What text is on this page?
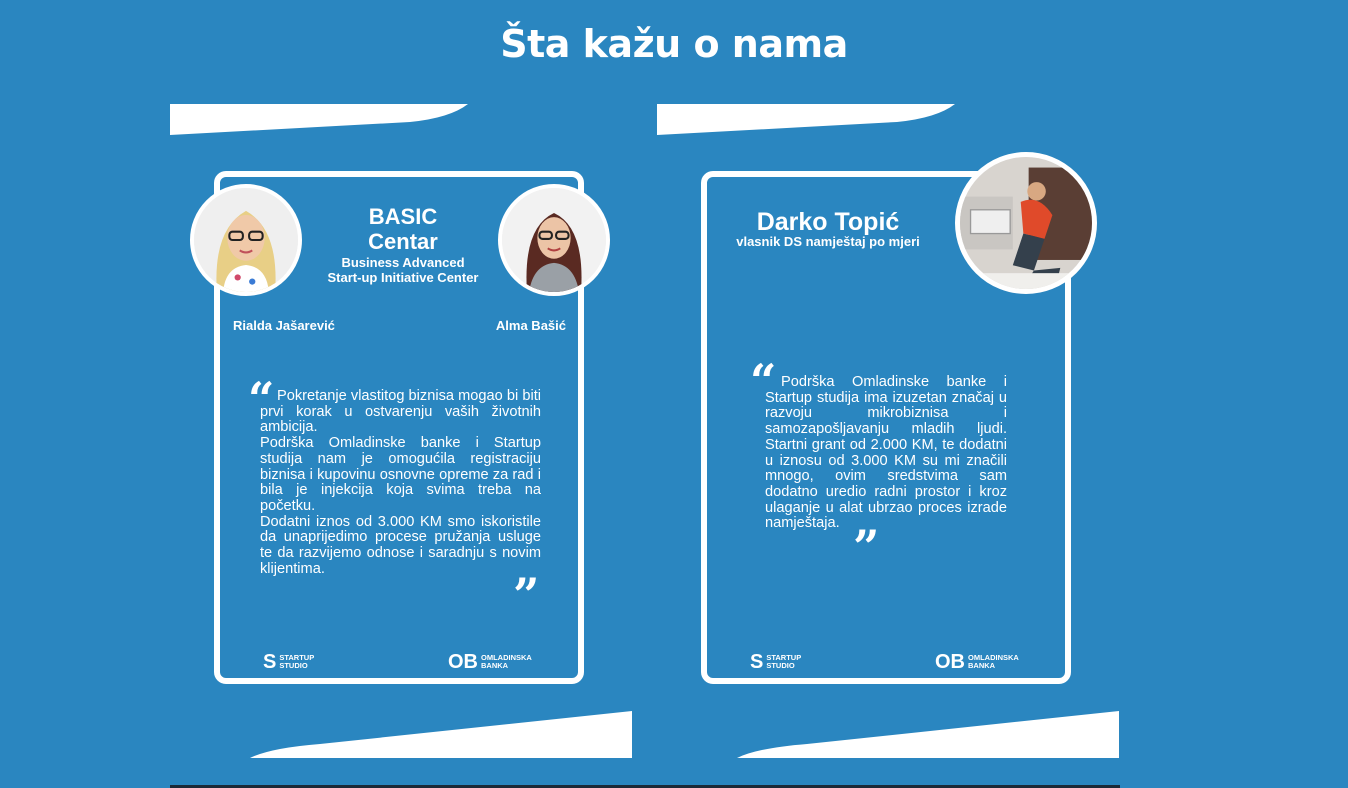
Šta kažu o nama
BASIC
Centar
Business Advanced
Start-up Initiative Center
Rialda Jašarević	Alma Bašić
“ Pokretanje vlastitog biznisa mogao bi biti prvi korak u ostvarenju vaših životnih ambicija.
Podrška Omladinske banke i Startup studija nam je omogućila registraciju biznisa i kupovinu osnovne opreme za rad i bila je injekcija koja svima treba na početku.
Dodatni iznos od 3.000 KM smo iskoristile da unaprijedimo procese pružanja usluge te da razvijemo odnose i saradnju s novim klijentima.	”
S STARTUP
STUDIO	OB OMLADINSKA
BANKA
Darko Topić
vlasnik DS namještaj po mjeri
“ Podrška Omladinske banke i Startup studija ima izuzetan značaj u razvoju mikrobiznisa i samozapošljavanju mladih ljudi. Startni grant od 2.000 KM, te dodatni u iznosu od 3.000 KM su mi značili mnogo, ovim sredstvima sam dodatno uredio radni prostor i kroz ulaganje u alat ubrzao proces izrade namještaja. ”
S STARTUP
STUDIO	OB OMLADINSKA
BANKA
